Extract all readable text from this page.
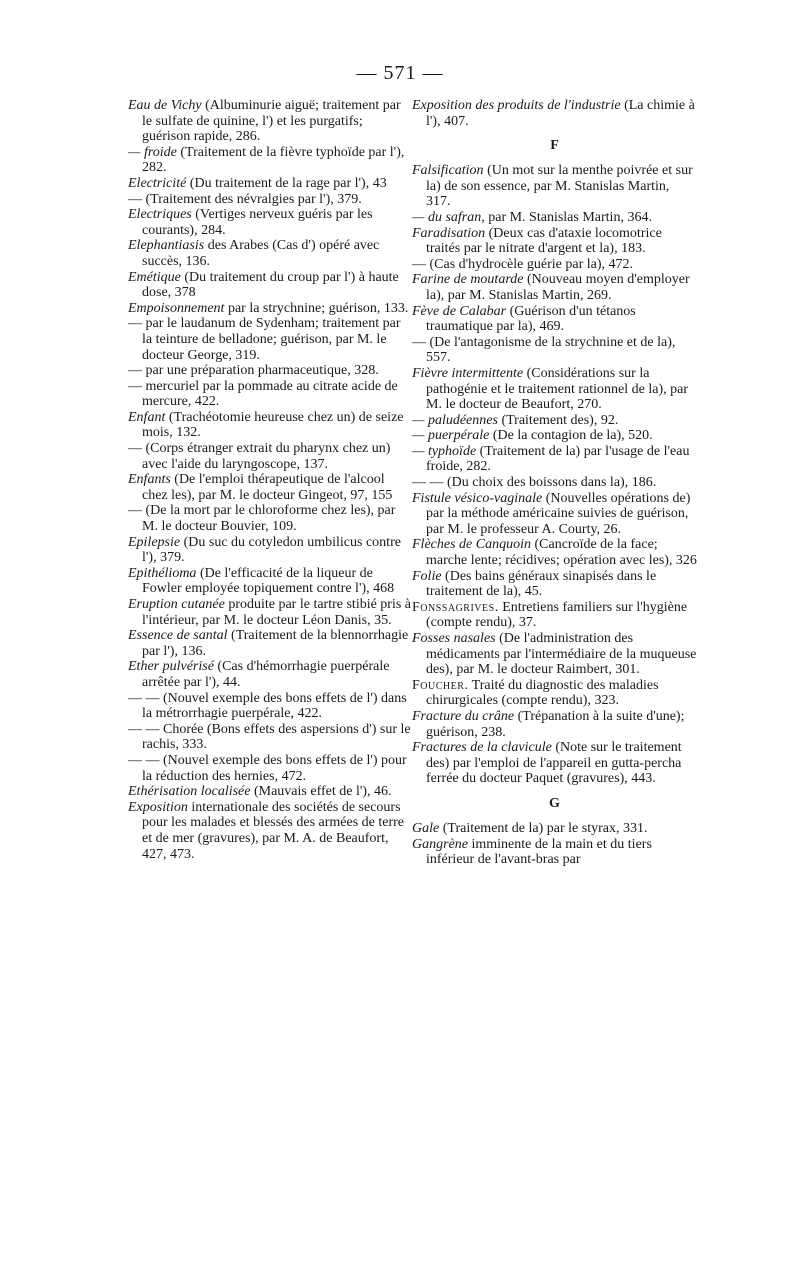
— 571 —

Eau de Vichy (Albuminurie aiguë; traitement par le sulfate de quinine, l') et les purgatifs; guérison rapide, 286.

— froide (Traitement de la fièvre typhoïde par l'), 282.

Electricité (Du traitement de la rage par l'), 43

— (Traitement des névralgies par l'), 379.

Electriques (Vertiges nerveux guéris par les courants), 284.

Elephantiasis des Arabes (Cas d') opéré avec succès, 136.

Emétique (Du traitement du croup par l') à haute dose, 378

Empoisonnement par la strychnine; guérison, 133.

— par le laudanum de Sydenham; traitement par la teinture de belladone; guérison, par M. le docteur George, 319.

— par une préparation pharmaceutique, 328.

— mercuriel par la pommade au citrate acide de mercure, 422.

Enfant (Trachéotomie heureuse chez un) de seize mois, 132.

— (Corps étranger extrait du pharynx chez un) avec l'aide du laryngoscope, 137.

Enfants (De l'emploi thérapeutique de l'alcool chez les), par M. le docteur Gingeot, 97, 155

— (De la mort par le chloroforme chez les), par M. le docteur Bouvier, 109.

Epilepsie (Du suc du cotyledon umbilicus contre l'), 379.

Epithélioma (De l'efficacité de la liqueur de Fowler employée topiquement contre l'), 468

Eruption cutanée produite par le tartre stibié pris à l'intérieur, par M. le docteur Léon Danis, 35.

Essence de santal (Traitement de la blennorrhagie par l'), 136.

Ether pulvérisé (Cas d'hémorrhagie puerpérale arrêtée par l'), 44.

— — (Nouvel exemple des bons effets de l') dans la métrorrhagie puerpérale, 422.

— — Chorée (Bons effets des aspersions d') sur le rachis, 333.

— — (Nouvel exemple des bons effets de l') pour la réduction des hernies, 472.

Ethérisation localisée (Mauvais effet de l'), 46.

Exposition internationale des sociétés de secours pour les malades et blessés des armées de terre et de mer (gravures), par M. A. de Beaufort, 427, 473.

Exposition des produits de l'industrie (La chimie à l'), 407.

F

Falsification (Un mot sur la menthe poivrée et sur la) de son essence, par M. Stanislas Martin, 317.

— du safran, par M. Stanislas Martin, 364.

Faradisation (Deux cas d'ataxie locomotrice traités par le nitrate d'argent et la), 183.

— (Cas d'hydrocèle guérie par la), 472.

Farine de moutarde (Nouveau moyen d'employer la), par M. Stanislas Martin, 269.

Fève de Calabar (Guérison d'un tétanos traumatique par la), 469.

— (De l'antagonisme de la strychnine et de la), 557.

Fièvre intermittente (Considérations sur la pathogénie et le traitement rationnel de la), par M. le docteur de Beaufort, 270.

— paludéennes (Traitement des), 92.

— puerpérale (De la contagion de la), 520.

— typhoïde (Traitement de la) par l'usage de l'eau froide, 282.

— — (Du choix des boissons dans la), 186.

Fistule vésico-vaginale (Nouvelles opérations de) par la méthode américaine suivies de guérison, par M. le professeur A. Courty, 26.

Flèches de Canquoin (Cancroïde de la face; marche lente; récidives; opération avec les), 326

Folie (Des bains généraux sinapisés dans le traitement de la), 45.

Fonssagrives. Entretiens familiers sur l'hygiène (compte rendu), 37.

Fosses nasales (De l'administration des médicaments par l'intermédiaire de la muqueuse des), par M. le docteur Raimbert, 301.

Foucher. Traité du diagnostic des maladies chirurgicales (compte rendu), 323.

Fracture du crâne (Trépanation à la suite d'une); guérison, 238.

Fractures de la clavicule (Note sur le traitement des) par l'emploi de l'appareil en gutta-percha ferrée du docteur Paquet (gravures), 443.

G

Gale (Traitement de la) par le styrax, 331.

Gangrène imminente de la main et du tiers inférieur de l'avant-bras par
